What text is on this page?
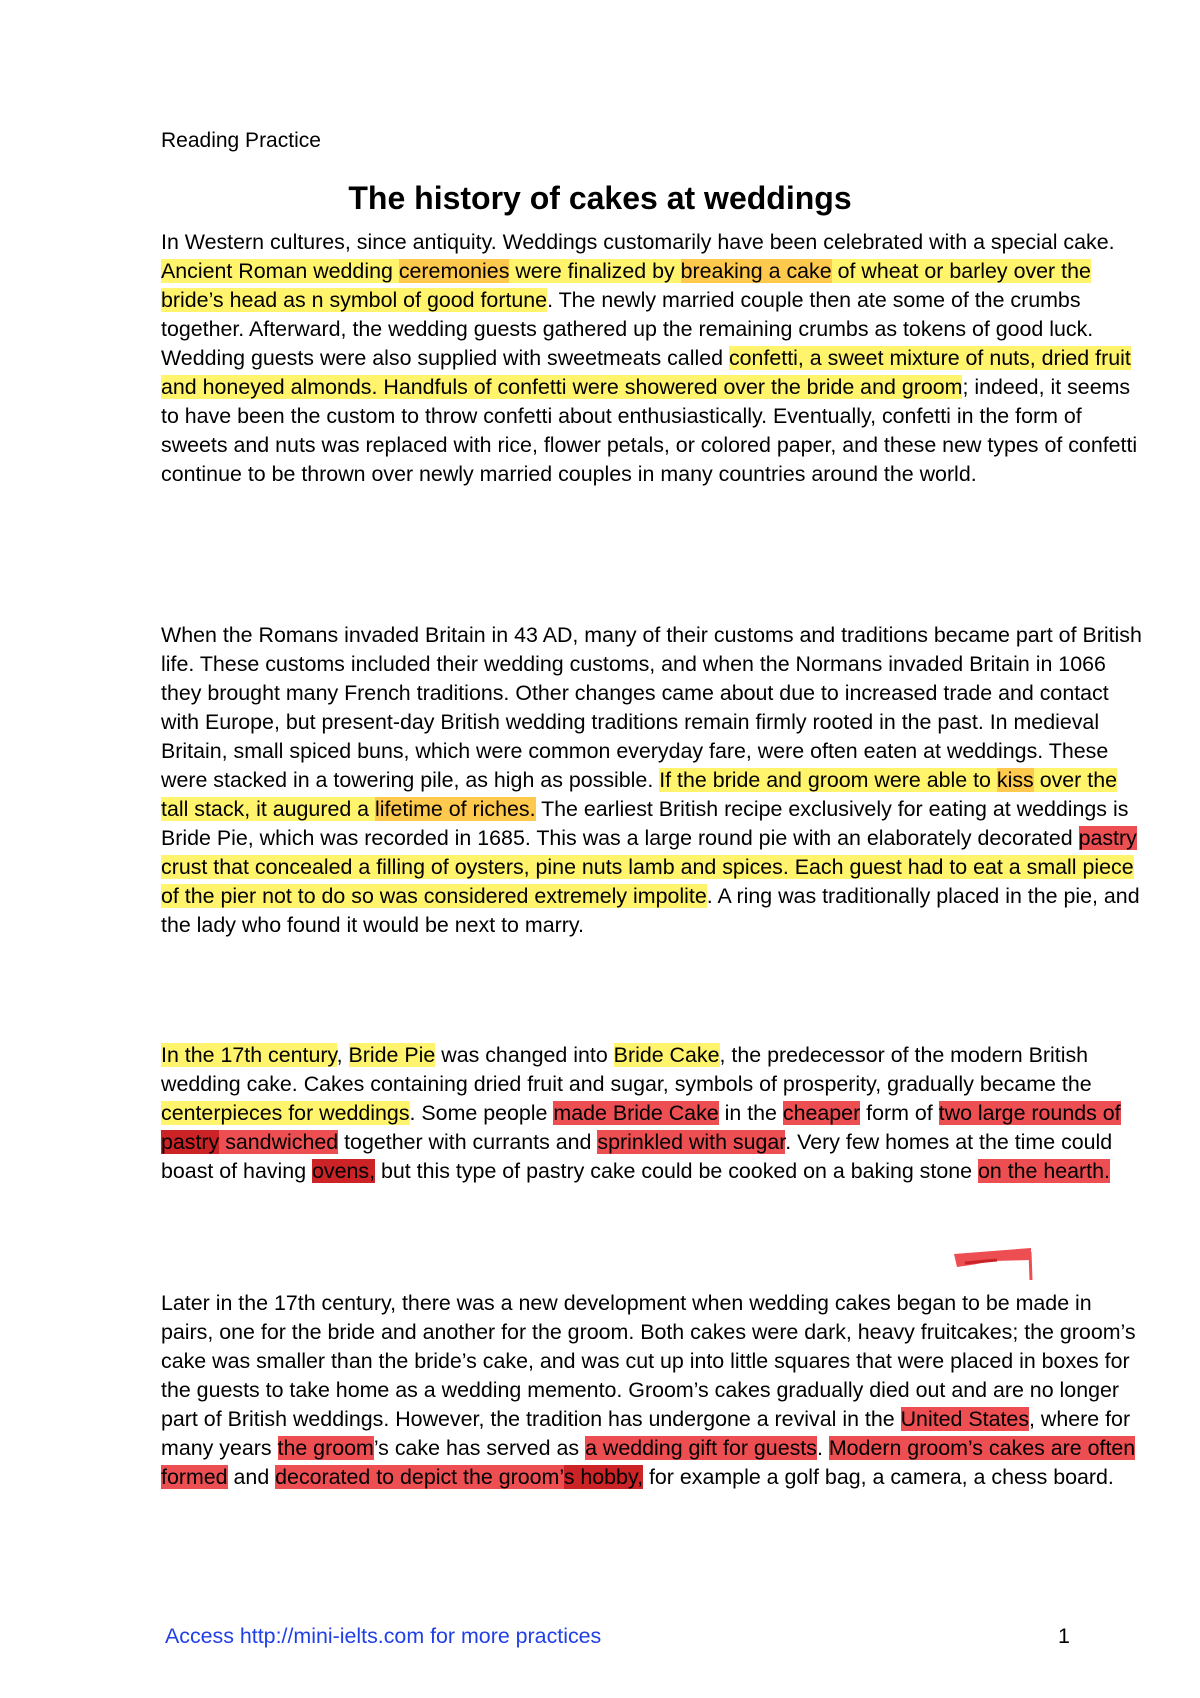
Reading Practice
The history of cakes at weddings

In Western cultures, since antiquity. Weddings customarily have been celebrated with a special cake. Ancient Roman wedding ceremonies were finalized by breaking a cake of wheat or barley over the bride’s head as n symbol of good fortune. The newly married couple then ate some of the crumbs together. Afterward, the wedding guests gathered up the remaining crumbs as tokens of good luck. Wedding guests were also supplied with sweetmeats called confetti, a sweet mixture of nuts, dried fruit and honeyed almonds. Handfuls of confetti were showered over the bride and groom; indeed, it seems to have been the custom to throw confetti about enthusiastically. Eventually, confetti in the form of sweets and nuts was replaced with rice, flower petals, or colored paper, and these new types of confetti continue to be thrown over newly married couples in many countries around the world.

When the Romans invaded Britain in 43 AD, many of their customs and traditions became part of British life. These customs included their wedding customs, and when the Normans invaded Britain in 1066 they brought many French traditions. Other changes came about due to increased trade and contact with Europe, but present-day British wedding traditions remain firmly rooted in the past. In medieval Britain, small spiced buns, which were common everyday fare, were often eaten at weddings. These were stacked in a towering pile, as high as possible. If the bride and groom were able to kiss over the tall stack, it augured a lifetime of riches. The earliest British recipe exclusively for eating at weddings is Bride Pie, which was recorded in 1685. This was a large round pie with an elaborately decorated pastry crust that concealed a filling of oysters, pine nuts lamb and spices. Each guest had to eat a small piece of the pier not to do so was considered extremely impolite. A ring was traditionally placed in the pie, and the lady who found it would be next to marry.

In the 17th century, Bride Pie was changed into Bride Cake, the predecessor of the modern British wedding cake. Cakes containing dried fruit and sugar, symbols of prosperity, gradually became the centerpieces for weddings. Some people made Bride Cake in the cheaper form of two large rounds of pastry sandwiched together with currants and sprinkled with sugar. Very few homes at the time could boast of having ovens, but this type of pastry cake could be cooked on a baking stone on the hearth.

Later in the 17th century, there was a new development when wedding cakes began to be made in pairs, one for the bride and another for the groom. Both cakes were dark, heavy fruitcakes; the groom’s cake was smaller than the bride’s cake, and was cut up into little squares that were placed in boxes for the guests to take home as a wedding memento. Groom’s cakes gradually died out and are no longer part of British weddings. However, the tradition has undergone a revival in the United States, where for many years the groom’s cake has served as a wedding gift for guests. Modern groom’s cakes are often formed and decorated to depict the groom’s hobby, for example a golf bag, a camera, a chess board.

Access http://mini-ielts.com for more practices	1
